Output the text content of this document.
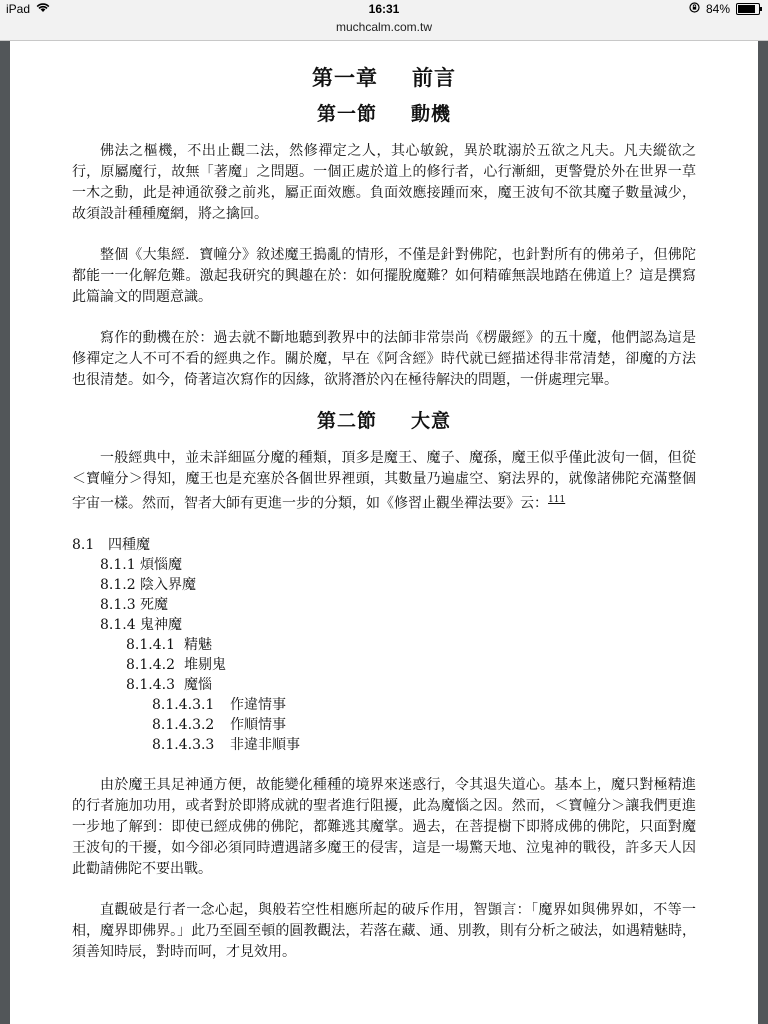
iPad	16:31	84%
muchcalm.com.tw
第一章 前言
第一節 動機

佛法之樞機，不出止觀二法，然修禪定之人，其心敏銳，異於耽溺於五欲之凡夫。凡夫縱欲之行，原屬魔行，故無「著魔」之問題。一個正處於道上的修行者，心行漸細，更警覺於外在世界一草一木之動，此是神通欲發之前兆，屬正面效應。負面效應接踵而來，魔王波旬不欲其魔子數量減少，故須設計種種魔網，將之擒回。

整個《大集經．寶幢分》敘述魔王搗亂的情形，不僅是針對佛陀，也針對所有的佛弟子，但佛陀都能一一化解危難。激起我研究的興趣在於：如何擺脫魔難？如何精確無誤地踏在佛道上？這是撰寫此篇論文的問題意識。

寫作的動機在於：過去就不斷地聽到教界中的法師非常崇尚《楞嚴經》的五十魔，他們認為這是修禪定之人不可不看的經典之作。關於魔，早在《阿含經》時代就已經描述得非常清楚，卻魔的方法也很清楚。如今，倚著這次寫作的因緣，欲將潛於內在極待解決的問題，一併處理完畢。

第二節 大意

一般經典中，並未詳細區分魔的種類，頂多是魔王、魔子、魔孫，魔王似乎僅此波旬一個，但從＜寶幢分＞得知，魔王也是充塞於各個世界裡頭，其數量乃遍虛空、窮法界的，就像諸佛陀充滿整個宇宙一樣。然而，智者大師有更進一步的分類，如《修習止觀坐禪法要》云：$^{111}$

8.1 四種魔
8.1.1 煩惱魔
8.1.2 陰入界魔
8.1.3 死魔
8.1.4 鬼神魔
8.1.4.1 精魅
8.1.4.2 堆剔鬼
8.1.4.3 魔惱
8.1.4.3.1	作違情事
8.1.4.3.2	作順情事
8.1.4.3.3	非違非順事

由於魔王具足神通方便，故能變化種種的境界來迷惑行，令其退失道心。基本上，魔只對極精進的行者施加功用，或者對於即將成就的聖者進行阻擾，此為魔惱之因。然而，＜寶幢分＞讓我們更進一步地了解到：即使已經成佛的佛陀，都難逃其魔掌。過去，在菩提樹下即將成佛的佛陀，只面對魔王波旬的干擾，如今卻必須同時遭遇諸多魔王的侵害，這是一場驚天地、泣鬼神的戰役，許多天人因此勸請佛陀不要出戰。

直觀破是行者一念心起，與般若空性相應所起的破斥作用，智顗言：「魔界如與佛界如，不等一相，魔界即佛界。」此乃至圓至頓的圓教觀法，若落在藏、通、別教，則有分析之破法，如遇精魅時，須善知時辰，對時而呵，才見效用。
